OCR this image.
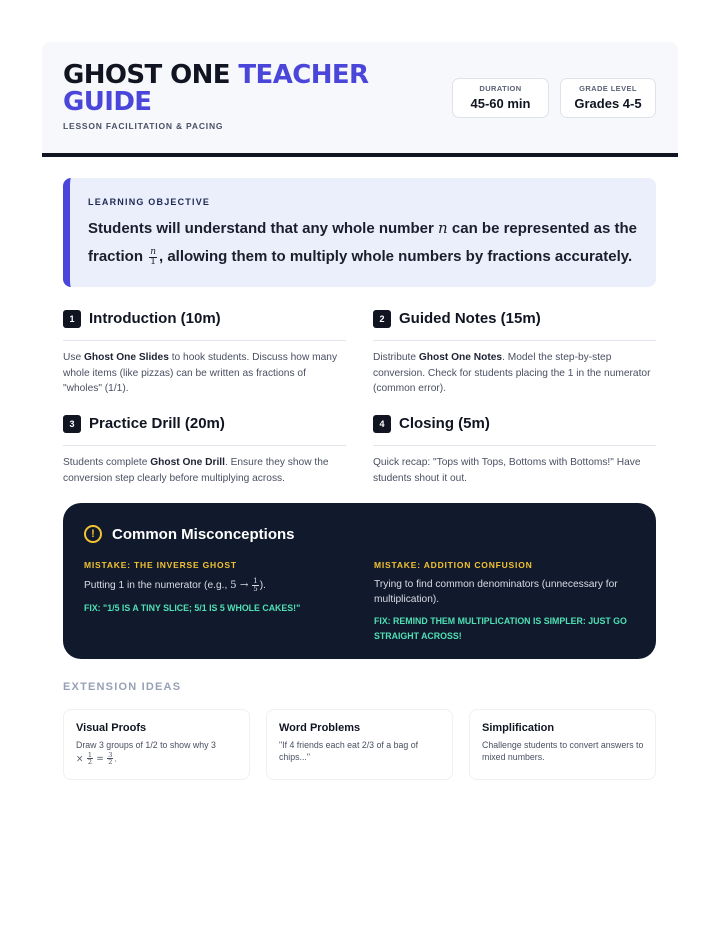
GHOST ONE TEACHER
GUIDE
LESSON FACILITATION & PACING
DURATION
45-60 min
GRADE LEVEL
Grades 4-5
LEARNING OBJECTIVE
Students will understand that any whole number n can be represented as the fraction $\frac{n}{1}$ , allowing them to multiply whole numbers by fractions accurately.
1 Introduction (10m)
Use Ghost One Slides to hook students. Discuss how many whole items (like pizzas) can be written as fractions of "wholes" (1/1).
2 Guided Notes (15m)
Distribute Ghost One Notes. Model the step-by-step conversion. Check for students placing the 1 in the numerator (common error).
3 Practice Drill (20m)
Students complete Ghost One Drill. Ensure they show the conversion step clearly before multiplying across.
4 Closing (5m)
Quick recap: "Tops with Tops, Bottoms with Bottoms!" Have students shout it out.
!	Common Misconceptions
MISTAKE: THE INVERSE GHOST
Putting 1 in the numerator (e.g., $5 \to \frac{1}{5}$ ).
FIX: "1/5 IS A TINY SLICE; 5/1 IS 5 WHOLE CAKES!"
MISTAKE: ADDITION CONFUSION
Trying to find common denominators (unnecessary for multiplication).
FIX: REMIND THEM MULTIPLICATION IS SIMPLER: JUST GO STRAIGHT ACROSS!
EXTENSION IDEAS
Visual Proofs
Draw 3 groups of 1/2 to show why 3
× $\frac{1}{2} = \frac{3}{2}$ .
Word Problems
"If 4 friends each eat 2/3 of a bag of chips..."
Simplification
Challenge students to convert answers to mixed numbers.
